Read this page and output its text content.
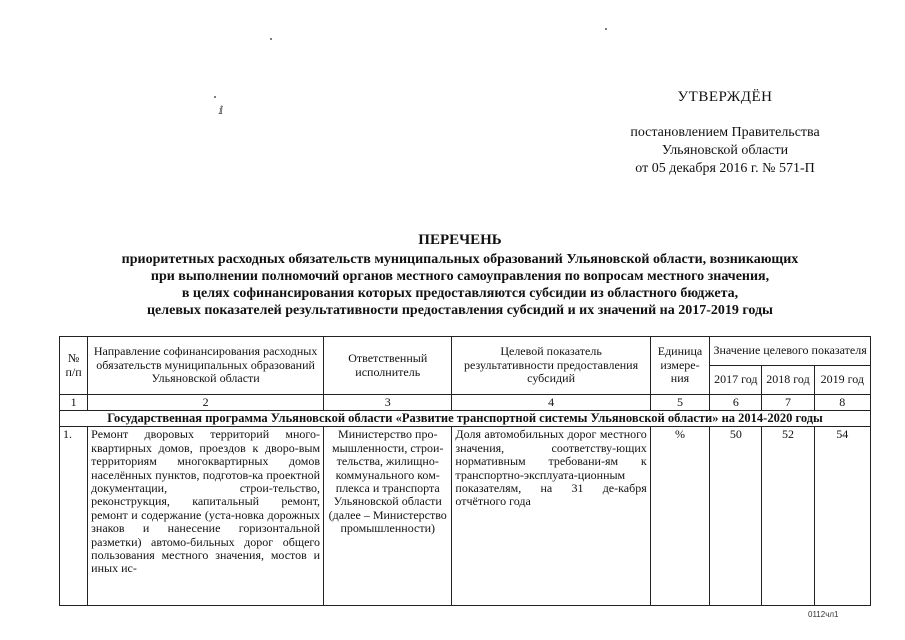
УТВЕРЖДЁН
постановлением Правительства
Ульяновской области
от 05 декабря 2016 г. № 571-П
ПЕРЕЧЕНЬ
приоритетных расходных обязательств муниципальных образований Ульяновской области, возникающих
при выполнении полномочий органов местного самоуправления по вопросам местного значения,
в целях софинансирования которых предоставляются субсидии из областного бюджета,
целевых показателей результативности предоставления субсидий и их значений на 2017-2019 годы
№ п/п	Направление софинансирования расходных обязательств муниципальных образований Ульяновской области	Ответственный исполнитель	Целевой показатель результативности предоставления субсидий	Единица измере-ния	Значение целевого показателя		
					2017 год	2018 год	2019 год
1	2	3	4	5	6	7	8
Государственная программа Ульяновской области «Развитие транспортной системы Ульяновской области» на 2014-2020 годы							
1.	Ремонт дворовых территорий много-квартирных домов, проездов к дворо-вым территориям многоквартирных домов населённых пунктов, подготов-ка проектной документации, строи-тельство, реконструкция, капитальный ремонт, ремонт и содержание (уста-новка дорожных знаков и нанесение горизонтальной разметки) автомо-бильных дорог общего пользования местного значения, мостов и иных ис-	Министерство про-мышленности, строи-тельства, жилищно-коммунального ком-плекса и транспорта Ульяновской области (далее – Министерство промышленности)	Доля автомобильных дорог местного значения, соответству-ющих нормативным требовани-ям к транспортно-эксплуата-ционным показателям, на 31 де-кабря отчётного года	%	50	52	54
ⅈ
0112чл1
